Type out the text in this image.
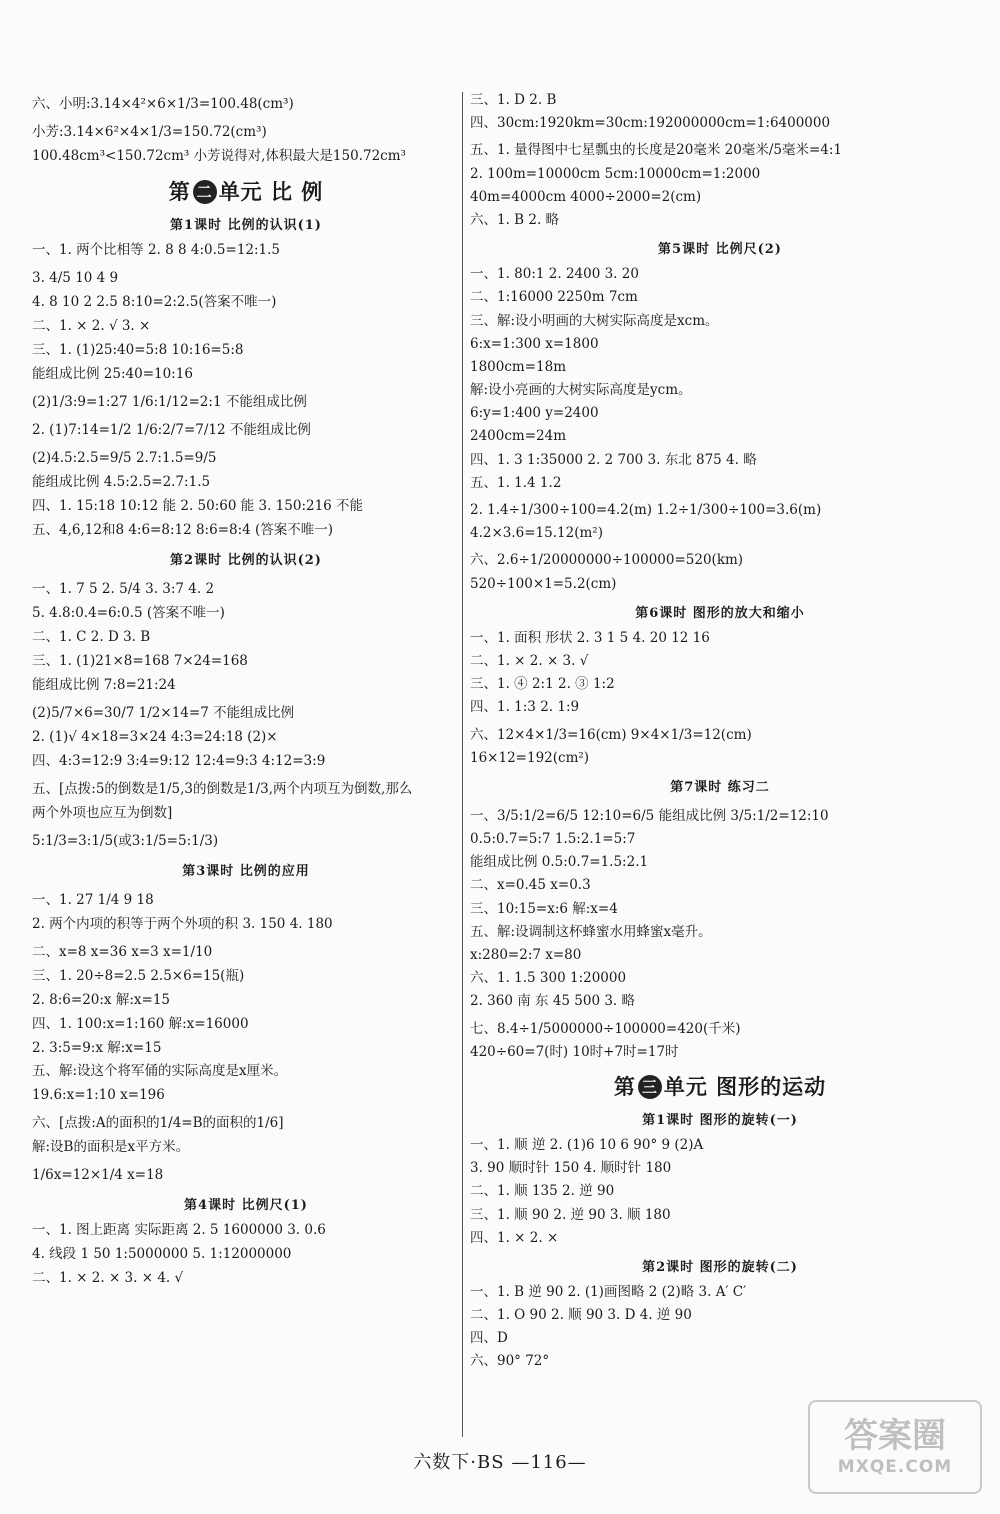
六、小明:3.14×4²×6×1/3=100.48(cm³)

小芳:3.14×6²×4×1/3=150.72(cm³)

100.48cm³<150.72cm³ 小芳说得对,体积最大是150.72cm³

第 二 单元 比 例
第1课时 比例的认识(1)

一、1. 两个比相等 2. 8 8 4:0.5=12:1.5

3. 4/5 10 4 9

4. 8 10 2 2.5 8:10=2:2.5(答案不唯一)

二、1. × 2. √ 3. ×

三、1. (1)25:40=5:8 10:16=5:8

能组成比例 25:40=10:16

(2)1/3:9=1:27 1/6:1/12=2:1 不能组成比例

2. (1)7:14=1/2 1/6:2/7=7/12 不能组成比例

(2)4.5:2.5=9/5 2.7:1.5=9/5

能组成比例 4.5:2.5=2.7:1.5

四、1. 15:18 10:12 能 2. 50:60 能 3. 150:216 不能

五、4,6,12和8 4:6=8:12 8:6=8:4 (答案不唯一)

第2课时 比例的认识(2)

一、1. 7 5 2. 5/4 3. 3:7 4. 2

5. 4.8:0.4=6:0.5 (答案不唯一)

二、1. C 2. D 3. B

三、1. (1)21×8=168 7×24=168

能组成比例 7:8=21:24

(2)5/7×6=30/7 1/2×14=7 不能组成比例

2. (1)√ 4×18=3×24 4:3=24:18 (2)×

四、4:3=12:9 3:4=9:12 12:4=9:3 4:12=3:9

五、[点拨:5的倒数是1/5,3的倒数是1/3,两个内项互为倒数,那么

两个外项也应互为倒数]

5:1/3=3:1/5(或3:1/5=5:1/3)

第3课时 比例的应用

一、1. 27 1/4 9 18

2. 两个内项的积等于两个外项的积 3. 150 4. 180

二、x=8 x=36 x=3 x=1/10

三、1. 20÷8=2.5 2.5×6=15(瓶)

2. 8:6=20:x 解:x=15

四、1. 100:x=1:160 解:x=16000

2. 3:5=9:x 解:x=15

五、解:设这个将军俑的实际高度是x厘米。

19.6:x=1:10 x=196

六、[点拨:A的面积的1/4=B的面积的1/6]

解:设B的面积是x平方米。

1/6x=12×1/4 x=18

第4课时 比例尺(1)

一、1. 图上距离 实际距离 2. 5 1600000 3. 0.6

4. 线段 1 50 1:5000000 5. 1:12000000

二、1. × 2. × 3. × 4. √

三、1. D 2. B

四、30cm:1920km=30cm:192000000cm=1:6400000

五、1. 量得图中七星瓢虫的长度是20毫米 20毫米/5毫米=4:1

2. 100m=10000cm 5cm:10000cm=1:2000

40m=4000cm 4000÷2000=2(cm)

六、1. B 2. 略

第5课时 比例尺(2)

一、1. 80:1 2. 2400 3. 20

二、1:16000 2250m 7cm

三、解:设小明画的大树实际高度是xcm。

6:x=1:300 x=1800

1800cm=18m

解:设小亮画的大树实际高度是ycm。

6:y=1:400 y=2400

2400cm=24m

四、1. 3 1:35000 2. 2 700 3. 东北 875 4. 略

五、1. 1.4 1.2

2. 1.4÷1/300÷100=4.2(m) 1.2÷1/300÷100=3.6(m)

4.2×3.6=15.12(m²)

六、2.6÷1/20000000÷100000=520(km)

520÷100×1=5.2(cm)

第6课时 图形的放大和缩小

一、1. 面积 形状 2. 3 1 5 4. 20 12 16

二、1. × 2. × 3. √

三、1. ④ 2:1 2. ③ 1:2

四、1. 1:3 2. 1:9

六、12×4×1/3=16(cm) 9×4×1/3=12(cm)

16×12=192(cm²)

第7课时 练习二

一、3/5:1/2=6/5 12:10=6/5 能组成比例 3/5:1/2=12:10

0.5:0.7=5:7 1.5:2.1=5:7

能组成比例 0.5:0.7=1.5:2.1

二、x=0.45 x=0.3

三、10:15=x:6 解:x=4

五、解:设调制这杯蜂蜜水用蜂蜜x毫升。

x:280=2:7 x=80

六、1. 1.5 300 1:20000

2. 360 南 东 45 500 3. 略

七、8.4÷1/5000000÷100000=420(千米)

420÷60=7(时) 10时+7时=17时

第 三 单元 图形的运动
第1课时 图形的旋转(一)

一、1. 顺 逆 2. (1)6 10 6 90° 9 (2)A

3. 90 顺时针 150 4. 顺时针 180

二、1. 顺 135 2. 逆 90

三、1. 顺 90 2. 逆 90 3. 顺 180

四、1. × 2. ×

第2课时 图形的旋转(二)

一、1. B 逆 90 2. (1)画图略 2 (2)略 3. A′ C′

二、1. O 90 2. 顺 90 3. D 4. 逆 90

四、D

六、90° 72°

六数下·BS —116—
答案圈
MXQE.COM
